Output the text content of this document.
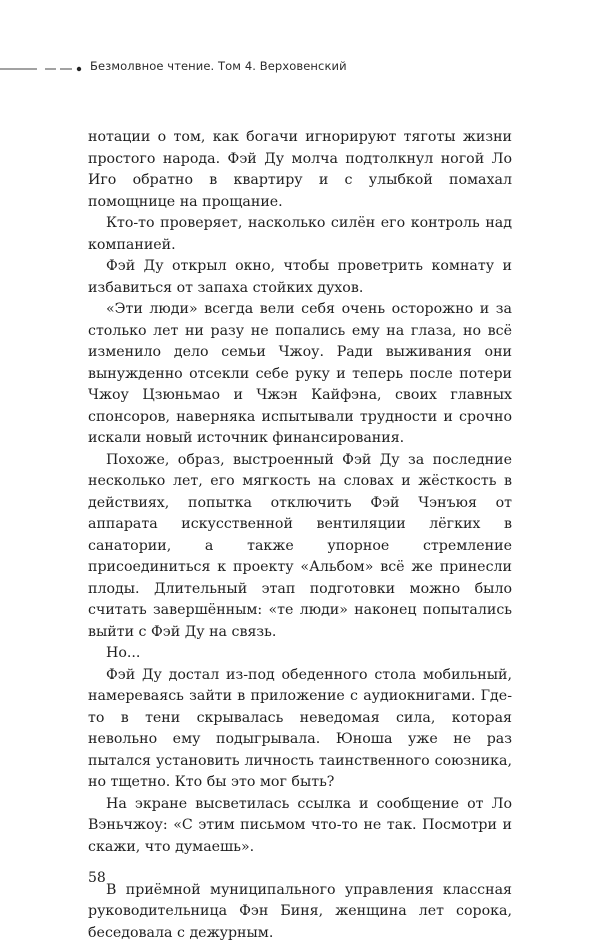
Безмолвное чтение. Том 4. Верховенский

нотации о том, как богачи игнорируют тяготы жизни простого народа. Фэй Ду молча подтолкнул ногой Ло Иго обратно в квартиру и с улыбкой помахал помощнице на прощание.

Кто-то проверяет, насколько силён его контроль над компанией.

Фэй Ду открыл окно, чтобы проветрить комнату и избавиться от запаха стойких духов.

«Эти люди» всегда вели себя очень осторожно и за столько лет ни разу не попались ему на глаза, но всё изменило дело семьи Чжоу. Ради выживания они вынужденно отсекли себе руку и теперь после потери Чжоу Цзюньмао и Чжэн Кайфэна, своих главных спонсоров, наверняка испытывали трудности и срочно искали новый источник финансирования.

Похоже, образ, выстроенный Фэй Ду за последние несколько лет, его мягкость на словах и жёсткость в действиях, попытка отключить Фэй Чэнъюя от аппарата искусственной вентиляции лёгких в санатории, а также упорное стремление присоединиться к проекту «Альбом» всё же принесли плоды. Длительный этап подготовки можно было считать завершённым: «те люди» наконец попытались выйти с Фэй Ду на связь.

Но...

Фэй Ду достал из-под обеденного стола мобильный, намереваясь зайти в приложение с аудиокнигами. Где-то в тени скрывалась неведомая сила, которая невольно ему подыгрывала. Юноша уже не раз пытался установить личность таинственного союзника, но тщетно. Кто бы это мог быть?

На экране высветилась ссылка и сообщение от Ло Вэньчжоу: «С этим письмом что-то не так. Посмотри и скажи, что думаешь».

В приёмной муниципального управления классная руководительница Фэн Биня, женщина лет сорока, беседовала с дежурным.

58
